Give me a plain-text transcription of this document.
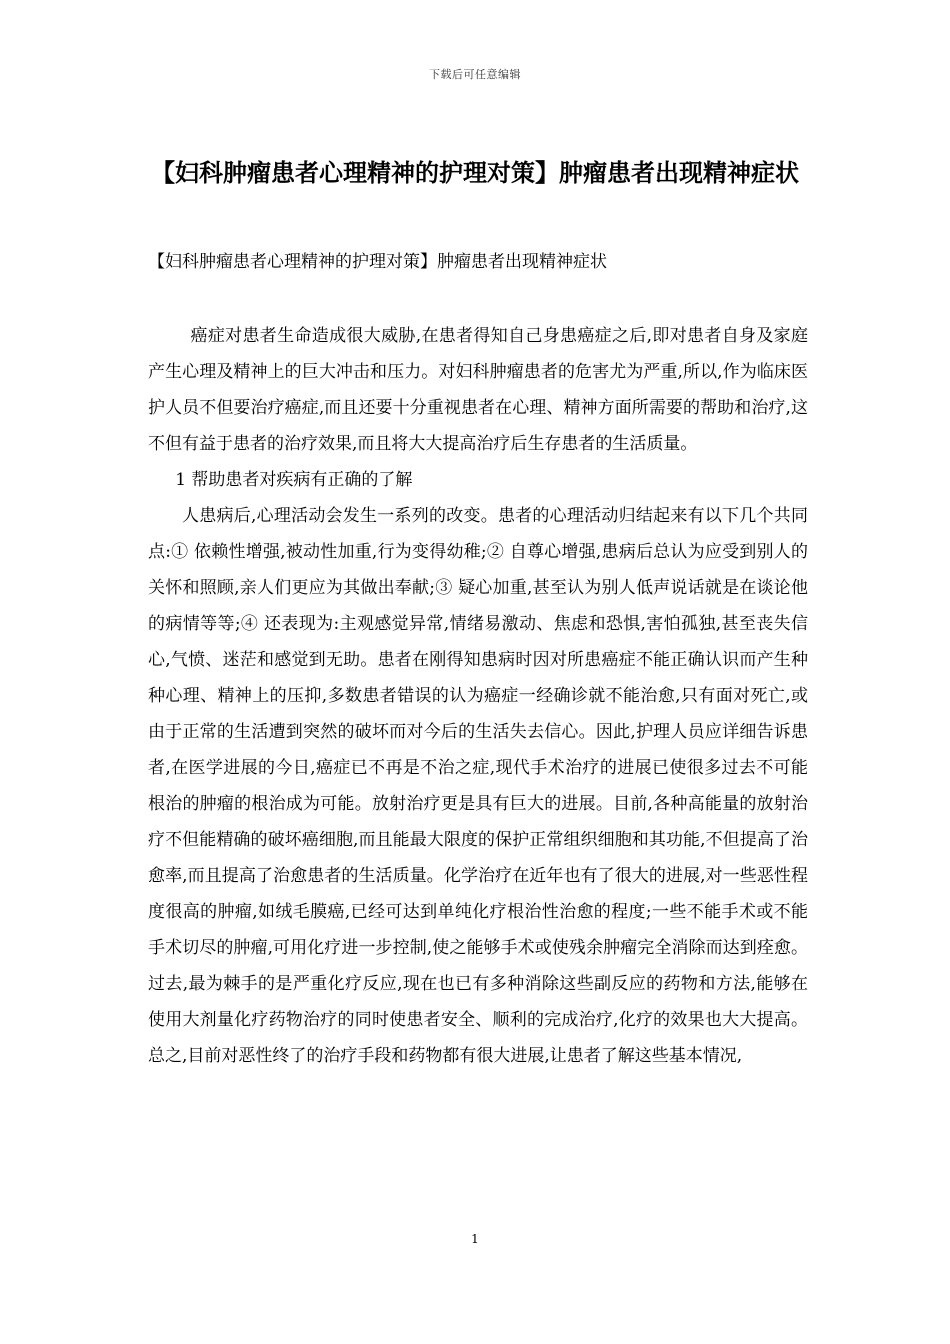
下载后可任意编辑
【妇科肿瘤患者心理精神的护理对策】肿瘤患者出现精神症状
【妇科肿瘤患者心理精神的护理对策】肿瘤患者出现精神症状

癌症对患者生命造成很大威胁,在患者得知自己身患癌症之后,即对患者自身及家庭产生心理及精神上的巨大冲击和压力。对妇科肿瘤患者的危害尤为严重,所以,作为临床医护人员不但要治疗癌症,而且还要十分重视患者在心理、精神方面所需要的帮助和治疗,这不但有益于患者的治疗效果,而且将大大提高治疗后生存患者的生活质量。

1 帮助患者对疾病有正确的了解

人患病后,心理活动会发生一系列的改变。患者的心理活动归结起来有以下几个共同点:① 依赖性增强,被动性加重,行为变得幼稚;② 自尊心增强,患病后总认为应受到别人的关怀和照顾,亲人们更应为其做出奉献;③ 疑心加重,甚至认为别人低声说话就是在谈论他的病情等等;④ 还表现为:主观感觉异常,情绪易激动、焦虑和恐惧,害怕孤独,甚至丧失信心,气愤、迷茫和感觉到无助。患者在刚得知患病时因对所患癌症不能正确认识而产生种种心理、精神上的压抑,多数患者错误的认为癌症一经确诊就不能治愈,只有面对死亡,或由于正常的生活遭到突然的破坏而对今后的生活失去信心。因此,护理人员应详细告诉患者,在医学进展的今日,癌症已不再是不治之症,现代手术治疗的进展已使很多过去不可能根治的肿瘤的根治成为可能。放射治疗更是具有巨大的进展。目前,各种高能量的放射治疗不但能精确的破坏癌细胞,而且能最大限度的保护正常组织细胞和其功能,不但提高了治愈率,而且提高了治愈患者的生活质量。化学治疗在近年也有了很大的进展,对一些恶性程度很高的肿瘤,如绒毛膜癌,已经可达到单纯化疗根治性治愈的程度;一些不能手术或不能手术切尽的肿瘤,可用化疗进一步控制,使之能够手术或使残余肿瘤完全消除而达到痊愈。过去,最为棘手的是严重化疗反应,现在也已有多种消除这些副反应的药物和方法,能够在使用大剂量化疗药物治疗的同时使患者安全、顺利的完成治疗,化疗的效果也大大提高。总之,目前对恶性终了的治疗手段和药物都有很大进展,让患者了解这些基本情况,

1
